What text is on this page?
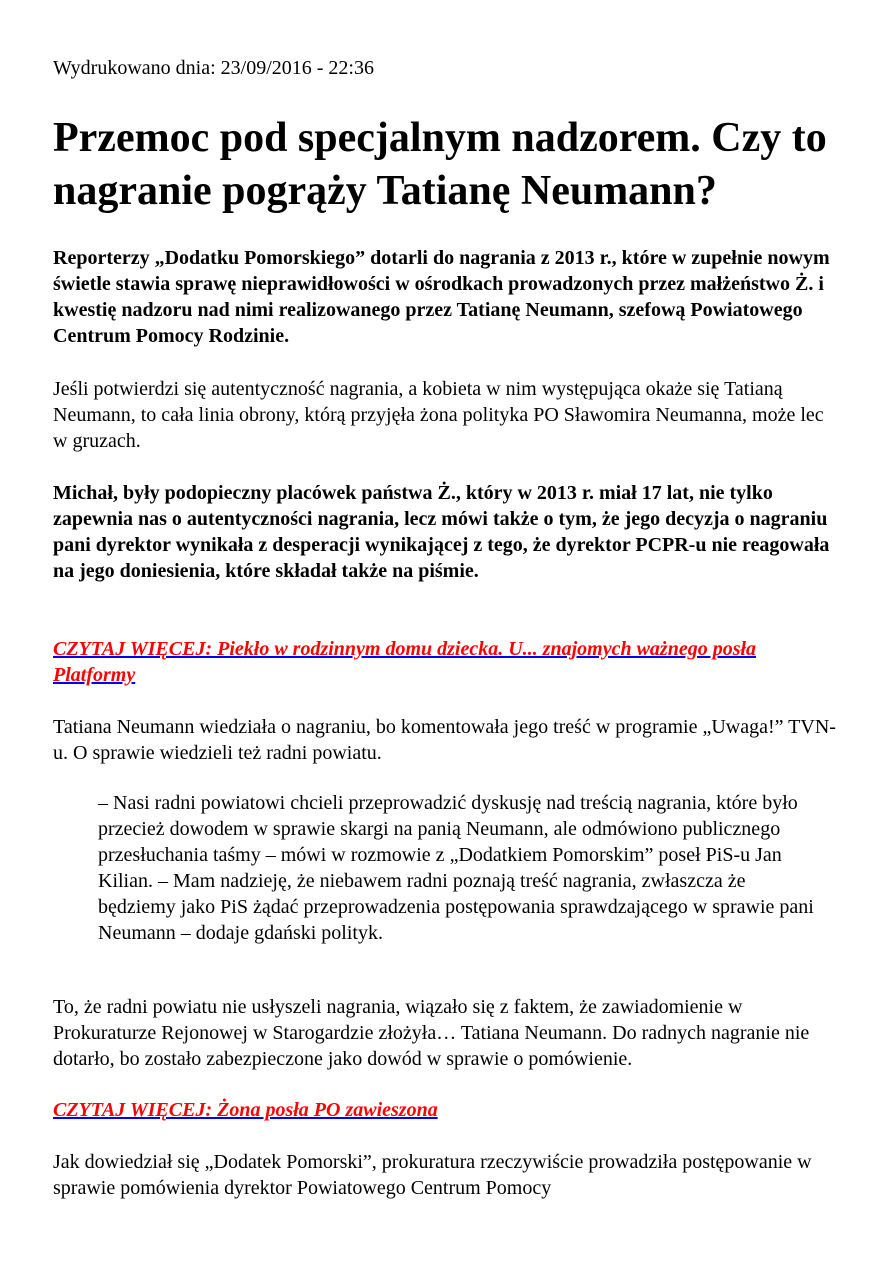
Wydrukowano dnia: 23/09/2016 - 22:36
Przemoc pod specjalnym nadzorem. Czy to nagranie pogrąży Tatianę Neumann?

Reporterzy „Dodatku Pomorskiego” dotarli do nagrania z 2013 r., które w zupełnie nowym świetle stawia sprawę nieprawidłowości w ośrodkach prowadzonych przez małżeństwo Ż. i kwestię nadzoru nad nimi realizowanego przez Tatianę Neumann, szefową Powiatowego Centrum Pomocy Rodzinie.

Jeśli potwierdzi się autentyczność nagrania, a kobieta w nim występująca okaże się Tatianą Neumann, to cała linia obrony, którą przyjęła żona polityka PO Sławomira Neumanna, może lec w gruzach.

Michał, były podopieczny placówek państwa Ż., który w 2013 r. miał 17 lat, nie tylko zapewnia nas o autentyczności nagrania, lecz mówi także o tym, że jego decyzja o nagraniu pani dyrektor wynikała z desperacji wynikającej z tego, że dyrektor PCPR-u nie reagowała na jego doniesienia, które składał także na piśmie.

CZYTAJ WIĘCEJ: Piekło w rodzinnym domu dziecka. U... znajomych ważnego posła Platformy

Tatiana Neumann wiedziała o nagraniu, bo komentowała jego treść w programie „Uwaga!” TVN-u. O sprawie wiedzieli też radni powiatu.

– Nasi radni powiatowi chcieli przeprowadzić dyskusję nad treścią nagrania, które było przecież dowodem w sprawie skargi na panią Neumann, ale odmówiono publicznego przesłuchania taśmy – mówi w rozmowie z „Dodatkiem Pomorskim” poseł PiS-u Jan Kilian. – Mam nadzieję, że niebawem radni poznają treść nagrania, zwłaszcza że będziemy jako PiS żądać przeprowadzenia postępowania sprawdzającego w sprawie pani Neumann – dodaje gdański polityk.

To, że radni powiatu nie usłyszeli nagrania, wiązało się z faktem, że zawiadomienie w Prokuraturze Rejonowej w Starogardzie złożyła… Tatiana Neumann. Do radnych nagranie nie dotarło, bo zostało zabezpieczone jako dowód w sprawie o pomówienie.

CZYTAJ WIĘCEJ: Żona posła PO zawieszona

Jak dowiedział się „Dodatek Pomorski”, prokuratura rzeczywiście prowadziła postępowanie w sprawie pomówienia dyrektor Powiatowego Centrum Pomocy
